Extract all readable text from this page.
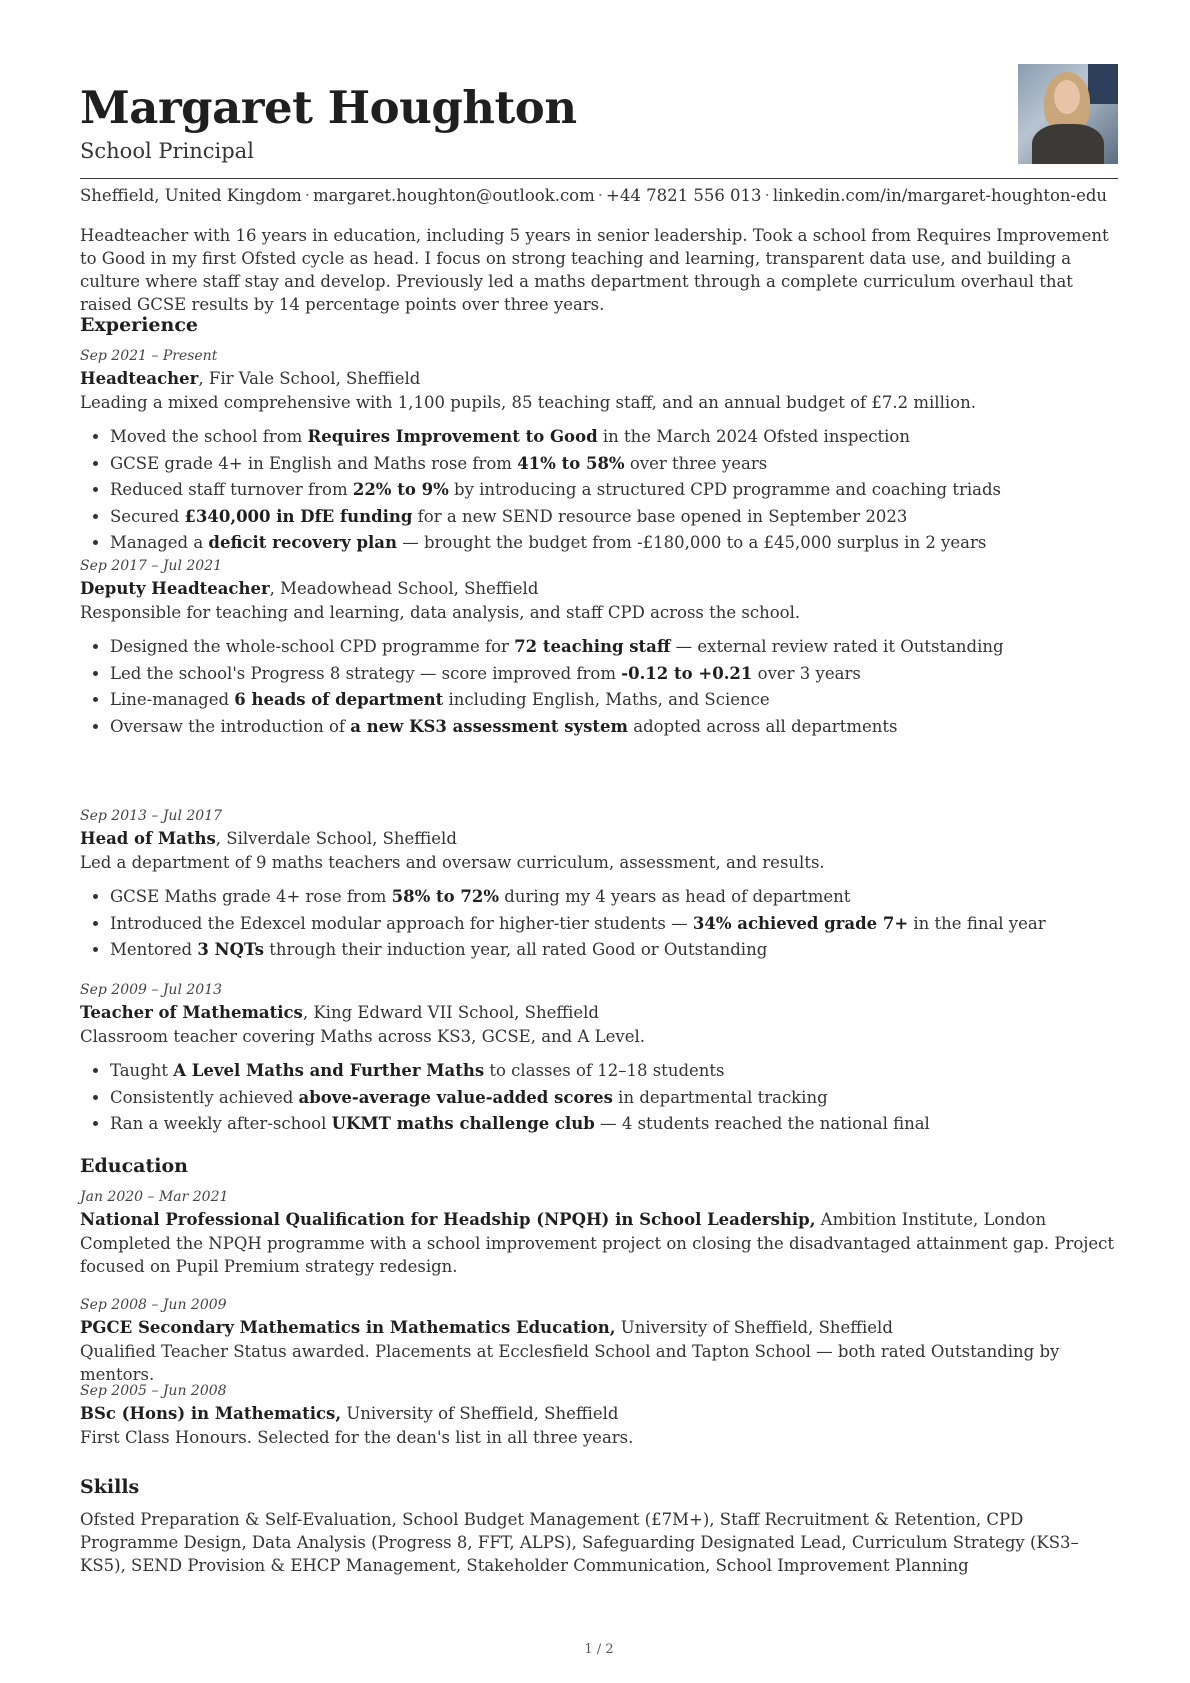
Margaret Houghton
School Principal
Sheffield, United Kingdom · margaret.houghton@outlook.com · +44 7821 556 013 · linkedin.com/in/margaret-houghton-edu

Headteacher with 16 years in education, including 5 years in senior leadership. Took a school from Requires Improvement to Good in my first Ofsted cycle as head. I focus on strong teaching and learning, transparent data use, and building a culture where staff stay and develop. Previously led a maths department through a complete curriculum overhaul that raised GCSE results by 14 percentage points over three years.

Experience
Sep 2021 – Present
Headteacher, Fir Vale School, Sheffield

Leading a mixed comprehensive with 1,100 pupils, 85 teaching staff, and an annual budget of £7.2 million.

• Moved the school from Requires Improvement to Good in the March 2024 Ofsted inspection
• GCSE grade 4+ in English and Maths rose from 41% to 58% over three years
• Reduced staff turnover from 22% to 9% by introducing a structured CPD programme and coaching triads
• Secured £340,000 in DfE funding for a new SEND resource base opened in September 2023
• Managed a deficit recovery plan — brought the budget from -£180,000 to a £45,000 surplus in 2 years
Sep 2017 – Jul 2021
Deputy Headteacher, Meadowhead School, Sheffield

Responsible for teaching and learning, data analysis, and staff CPD across the school.

• Designed the whole-school CPD programme for 72 teaching staff — external review rated it Outstanding
• Led the school's Progress 8 strategy — score improved from -0.12 to +0.21 over 3 years
• Line-managed 6 heads of department including English, Maths, and Science
• Oversaw the introduction of a new KS3 assessment system adopted across all departments
Sep 2013 – Jul 2017
Head of Maths, Silverdale School, Sheffield

Led a department of 9 maths teachers and oversaw curriculum, assessment, and results.

• GCSE Maths grade 4+ rose from 58% to 72% during my 4 years as head of department
• Introduced the Edexcel modular approach for higher-tier students — 34% achieved grade 7+ in the final year
• Mentored 3 NQTs through their induction year, all rated Good or Outstanding
Sep 2009 – Jul 2013
Teacher of Mathematics, King Edward VII School, Sheffield

Classroom teacher covering Maths across KS3, GCSE, and A Level.

• Taught A Level Maths and Further Maths to classes of 12–18 students
• Consistently achieved above-average value-added scores in departmental tracking
• Ran a weekly after-school UKMT maths challenge club — 4 students reached the national final
Education
Jan 2020 – Mar 2021
National Professional Qualification for Headship (NPQH) in School Leadership, Ambition Institute, London

Completed the NPQH programme with a school improvement project on closing the disadvantaged attainment gap. Project focused on Pupil Premium strategy redesign.

Sep 2008 – Jun 2009
PGCE Secondary Mathematics in Mathematics Education, University of Sheffield, Sheffield

Qualified Teacher Status awarded. Placements at Ecclesfield School and Tapton School — both rated Outstanding by mentors.

Sep 2005 – Jun 2008
BSc (Hons) in Mathematics, University of Sheffield, Sheffield

First Class Honours. Selected for the dean's list in all three years.

Skills

Ofsted Preparation & Self-Evaluation, School Budget Management (£7M+), Staff Recruitment & Retention, CPD Programme Design, Data Analysis (Progress 8, FFT, ALPS), Safeguarding Designated Lead, Curriculum Strategy (KS3–KS5), SEND Provision & EHCP Management, Stakeholder Communication, School Improvement Planning

1 / 2
